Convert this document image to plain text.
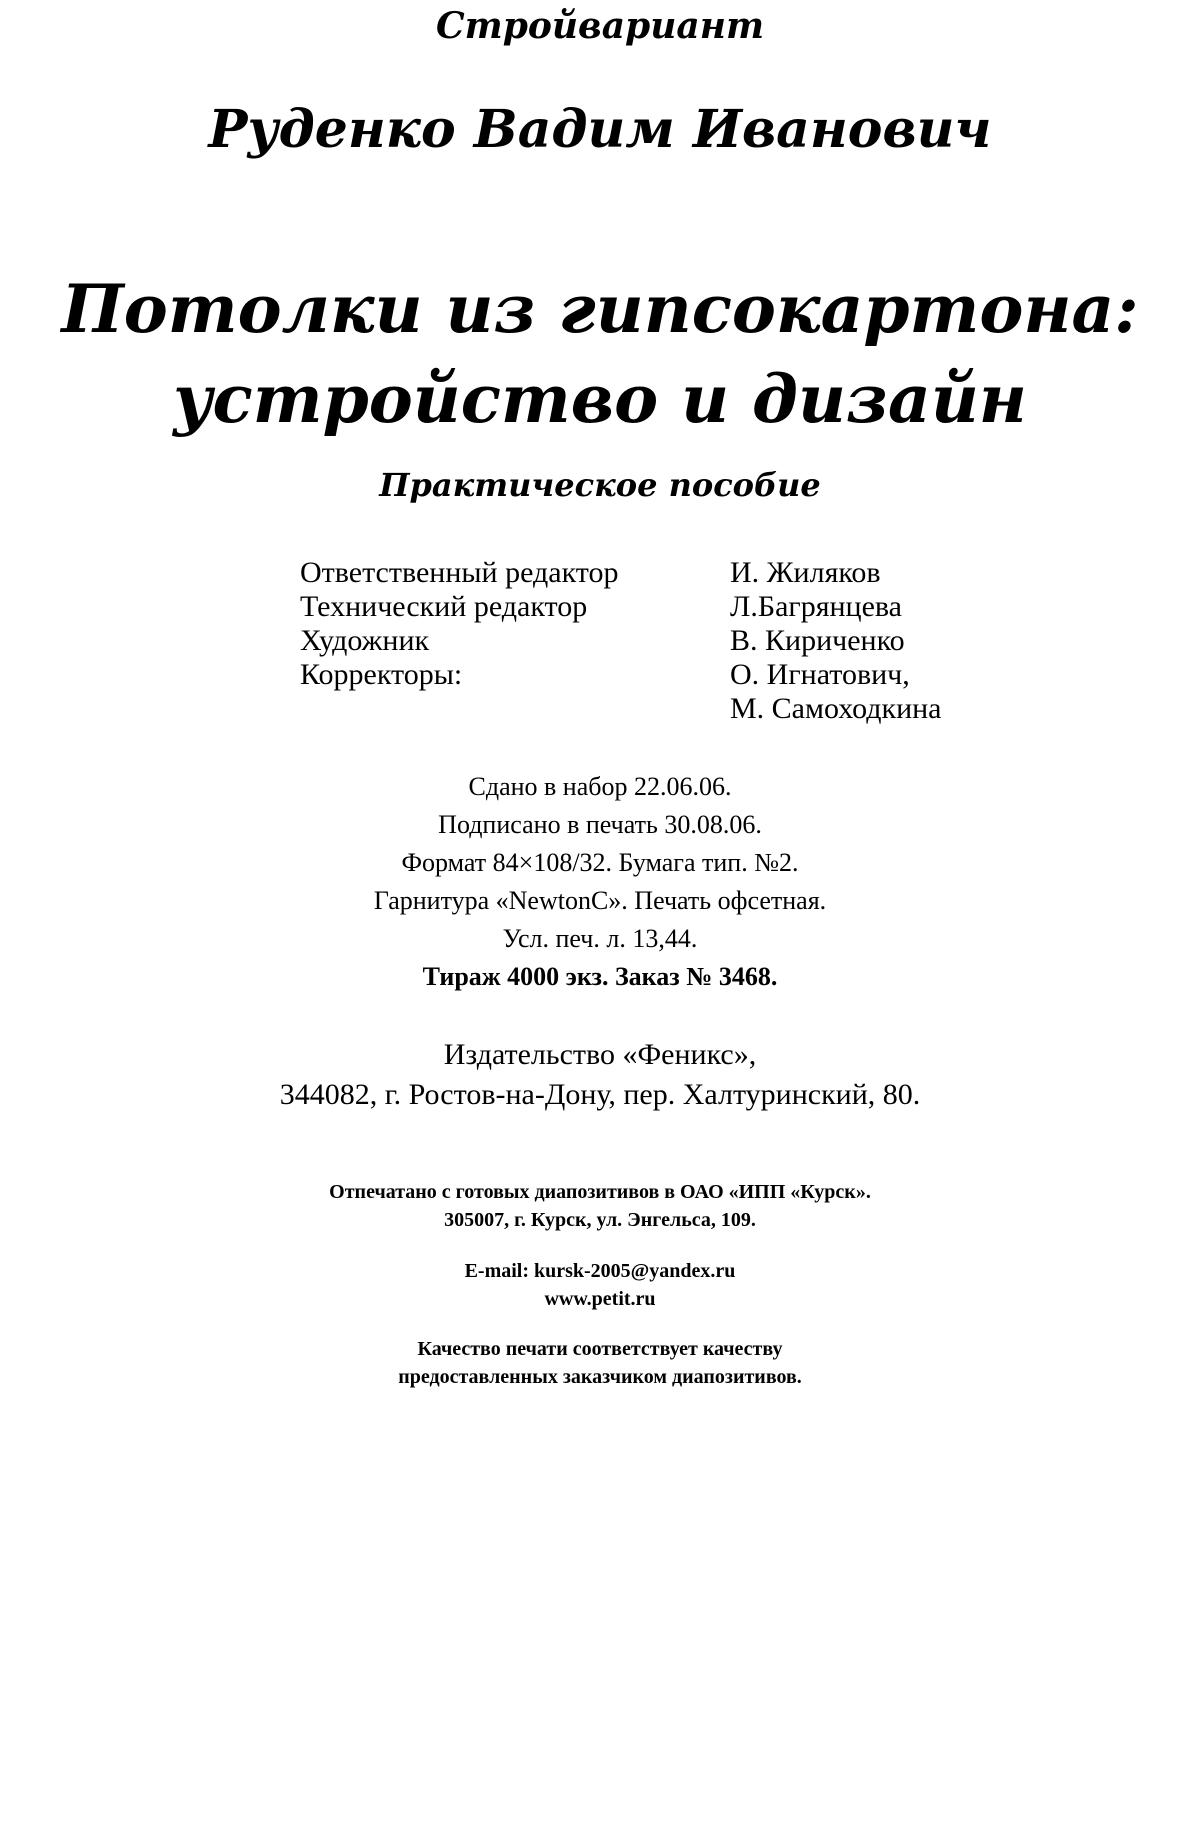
Стройвариант
Руденко Вадим Иванович
Потолки из гипсокартона:
устройство и дизайн
Практическое пособие
Ответственный редактор	И. Жиляков
Технический редактор	Л.Багрянцева
Художник	В. Кириченко
Корректоры:	О. Игнатович,
М. Самоходкина
Сдано в набор 22.06.06.
Подписано в печать 30.08.06.
Формат 84×108/32. Бумага тип. №2.
Гарнитура «NewtonC». Печать офсетная.
Усл. печ. л. 13,44.
Тираж 4000 экз. Заказ № 3468.
Издательство «Феникс»,
344082, г. Ростов-на-Дону, пер. Халтуринский, 80.
Отпечатано с готовых диапозитивов в ОАО «ИПП «Курск».
305007, г. Курск, ул. Энгельса, 109.
E-mail: kursk-2005@yandex.ru
www.petit.ru
Качество печати соответствует качеству
предоставленных заказчиком диапозитивов.
